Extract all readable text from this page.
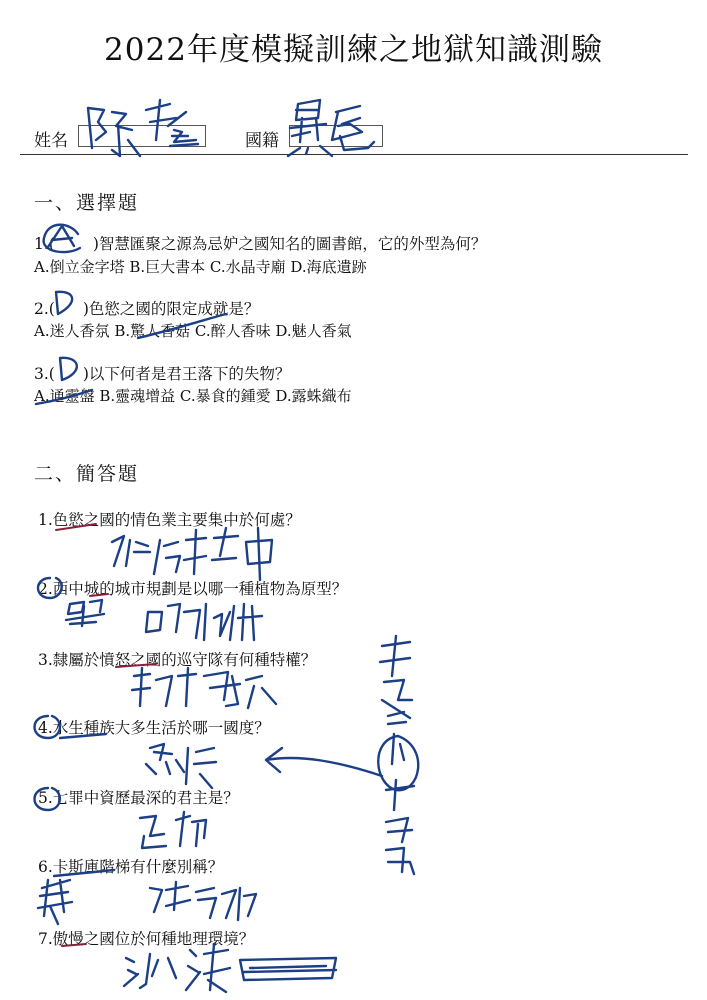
2022年度模擬訓練之地獄知識測驗
姓名	國籍
一、選擇題
1.( )智慧匯聚之源為忌妒之國知名的圖書館，它的外型為何？
A.倒立金字塔 B.巨大書本 C.水晶寺廟 D.海底遺跡
2.( )色慾之國的限定成就是？
A.迷人香氛 B.驚人香菇 C.醉人香味 D.魅人香氣
3.( )以下何者是君王落下的失物？
A.通靈盤 B.靈魂增益 C.暴食的鍾愛 D.露蛛織布
二、簡答題
1.色慾之國的情色業主要集中於何處？
2.西中城的城市規劃是以哪一種植物為原型？
3.隸屬於憤怒之國的巡守隊有何種特權？
4.水生種族大多生活於哪一國度？
5.七罪中資歷最深的君主是？
6.卡斯庫階梯有什麼別稱？
7.傲慢之國位於何種地理環境？
